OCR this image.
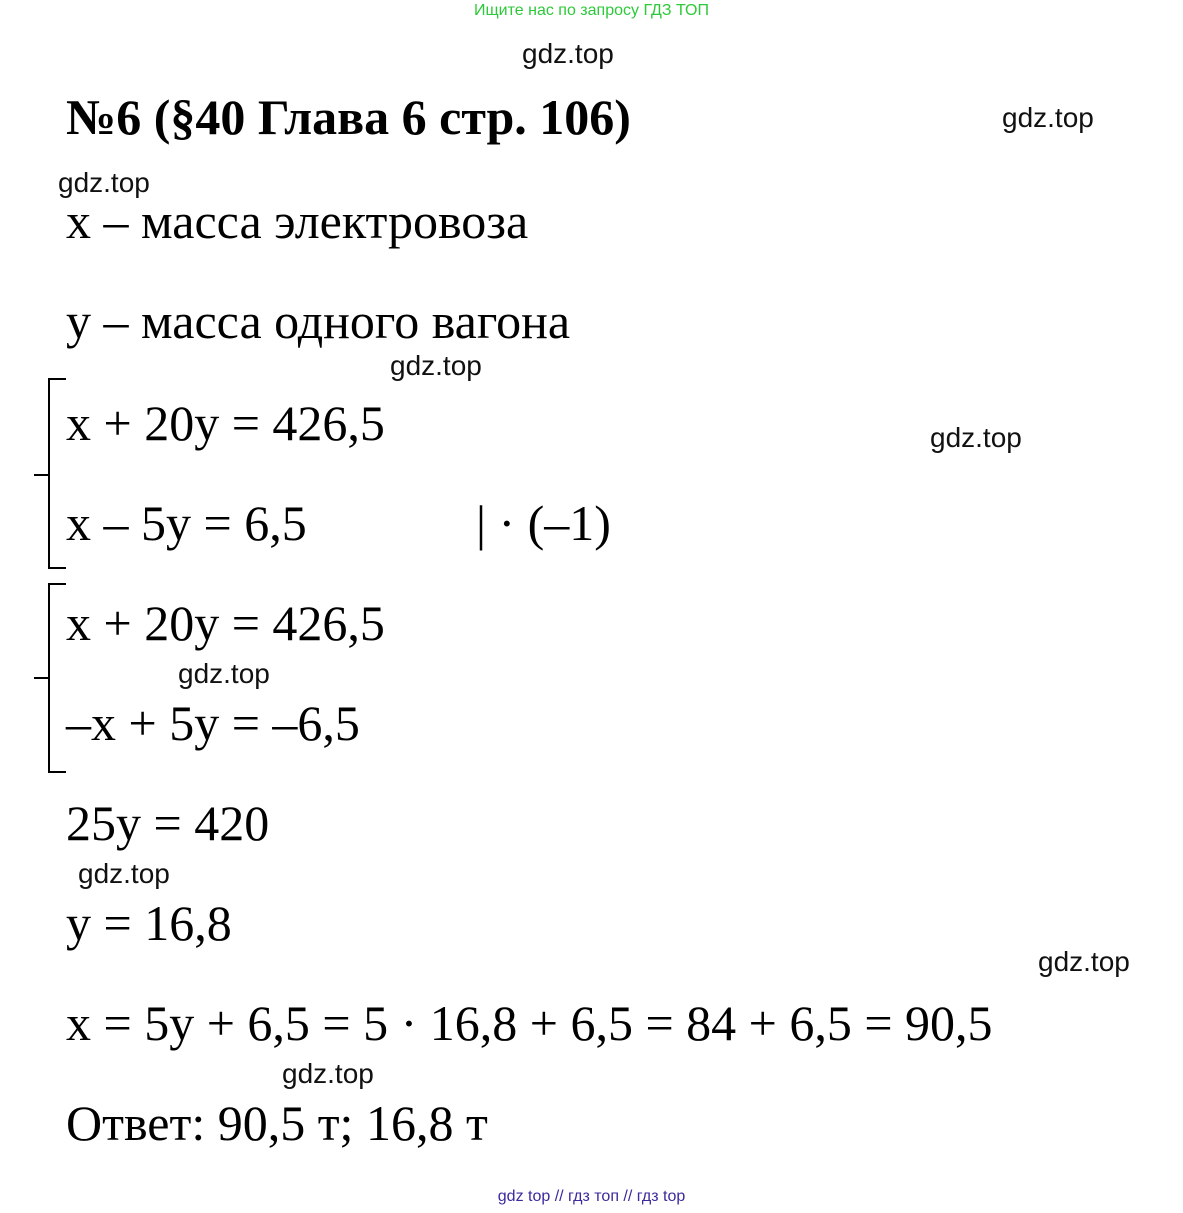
Ищите нас по запросу ГДЗ ТОП
gdz.top
gdz.top
gdz.top
gdz.top
gdz.top
gdz.top
gdz.top
gdz.top
gdz.top
№6 (§40 Глава 6 стр. 106)
x – масса электровоза
y – масса одного вагона
x + 20y = 426,5
x – 5y = 6,5	| · (–1)
x + 20y = 426,5
–x + 5y = –6,5
25y = 420
y = 16,8
x = 5y + 6,5 = 5 · 16,8 + 6,5 = 84 + 6,5 = 90,5
Ответ: 90,5 т; 16,8 т
gdz top // гдз топ // гдз top
